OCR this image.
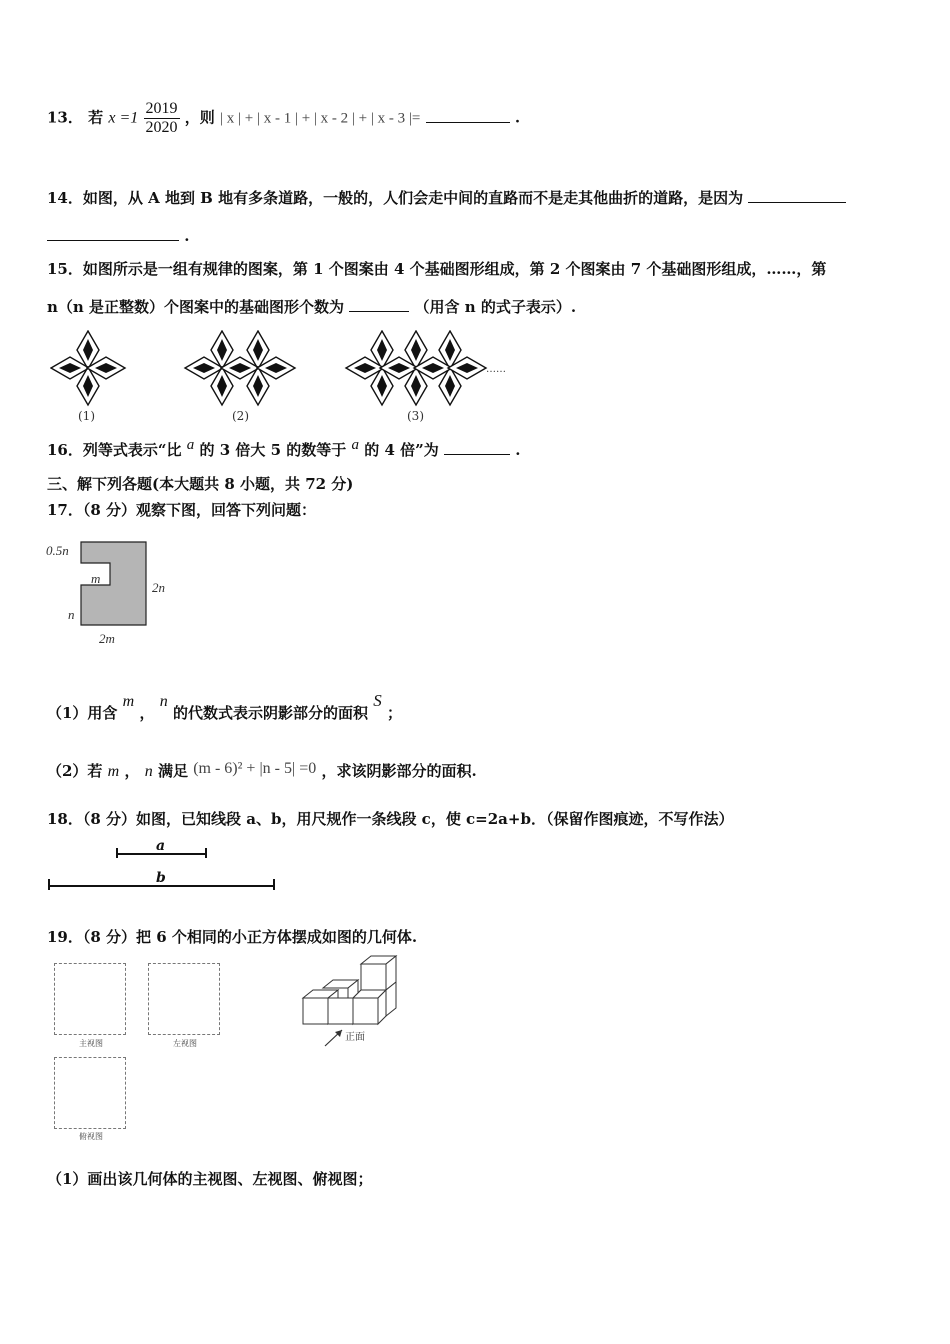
13． 若 $x =1 \frac{2019}{2020}$ ，则 | x | + | x - 1 | + | x - 2 | + | x - 3 |=	.
14．如图，从 A 地到 B 地有多条道路，一般的，人们会走中间的直路而不是走其他曲折的道路，是因为
.
15．如图所示是一组有规律的图案，第 1 个图案由 4 个基础图形组成，第 2 个图案由 7 个基础图形组成，……，第
n（n 是正整数）个图案中的基础图形个数为	（用含 n 的式子表示）.
……
(1)	(2)	(3)
16．列等式表示“比 a 的 3 倍大 5 的数等于 a 的 4 倍”为	.
三、解下列各题(本大题共 8 小题，共 72 分)
17．（8 分）观察下图，回答下列问题：
0.5n
m
2n
n
2m
（1）用含 m ， n 的代数式表示阴影部分的面积 S ；
（2）若 m ， n 满足 (m - 6)² + |n - 5| =0 ，求该阴影部分的面积.
18．（8 分）如图，已知线段 a、b，用尺规作一条线段 c，使 c=2a+b．（保留作图痕迹，不写作法）
a
b
19．（8 分）把 6 个相同的小正方体摆成如图的几何体.
主视图	左视图
俯视图
正面
（1）画出该几何体的主视图、左视图、俯视图；
